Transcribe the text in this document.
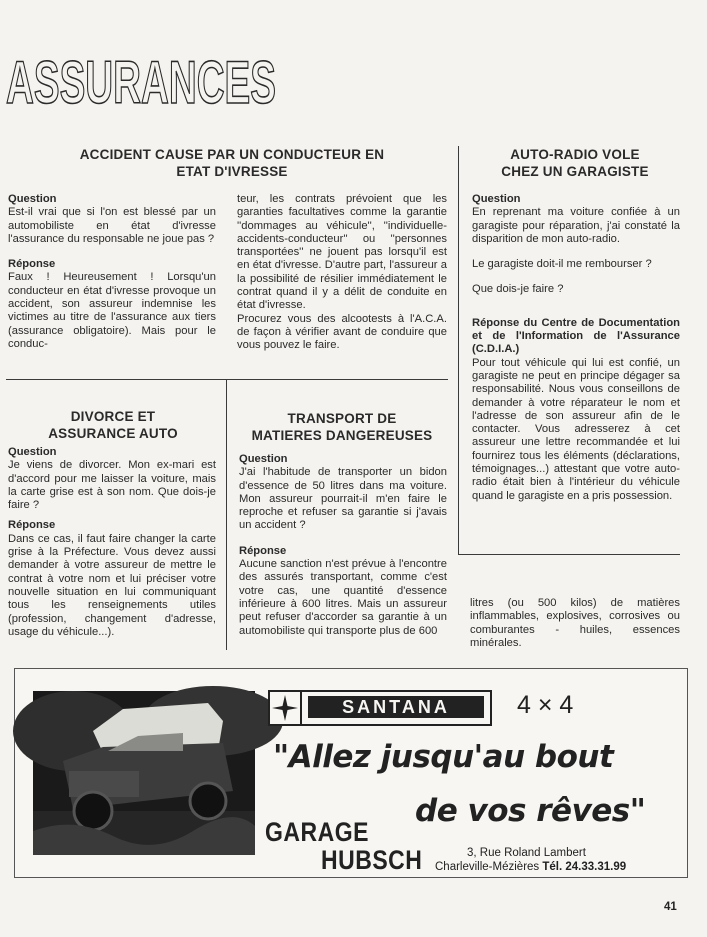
ASSURANCES

ACCIDENT CAUSE PAR UN CONDUCTEUR EN

ETAT D'IVRESSE

Question

Est-il vrai que si l'on est blessé par un automobiliste en état d'ivresse l'assurance du responsable ne joue pas ?

Réponse

Faux ! Heureusement ! Lorsqu'un conducteur en état d'ivresse provoque un accident, son assureur indemnise les victimes au titre de l'assurance aux tiers (assurance obligatoire). Mais pour le conduc-

teur, les contrats prévoient que les garanties facultatives comme la garantie ''dommages au véhicule'', ''individuelle-accidents-conducteur'' ou ''personnes transportées'' ne jouent pas lorsqu'il est en état d'ivresse. D'autre part, l'assureur a la possibilité de résilier immédiatement le contrat quand il y a délit de conduite en état d'ivresse.

Procurez vous des alcootests à l'A.C.A. de façon à vérifier avant de conduire que vous pouvez le faire.

AUTO-RADIO VOLE

CHEZ UN GARAGISTE

Question

En reprenant ma voiture confiée à un garagiste pour réparation, j'ai constaté la disparition de mon auto-radio.

Le garagiste doit-il me rembourser ?

Que dois-je faire ?

Réponse du Centre de Documentation et de l'Information de l'Assurance (C.D.I.A.)

Pour tout véhicule qui lui est confié, un garagiste ne peut en principe dégager sa responsabilité. Nous vous conseillons de demander à votre réparateur le nom et l'adresse de son assureur afin de le contacter. Vous adresserez à cet assureur une lettre recommandée et lui fournirez tous les éléments (déclarations, témoignages...) attestant que votre auto-radio était bien à l'intérieur du véhicule quand le garagiste en a pris possession.

DIVORCE ET

ASSURANCE AUTO

Question

Je viens de divorcer. Mon ex-mari est d'accord pour me laisser la voiture, mais la carte grise est à son nom. Que dois-je faire ?

Réponse

Dans ce cas, il faut faire changer la carte grise à la Préfecture. Vous devez aussi demander à votre assureur de mettre le contrat à votre nom et lui préciser votre nouvelle situation en lui communiquant tous les renseignements utiles (profession, changement d'adresse, usage du véhicule...).

TRANSPORT DE

MATIERES DANGEREUSES

Question

J'ai l'habitude de transporter un bidon d'essence de 50 litres dans ma voiture. Mon assureur pourrait-il m'en faire le reproche et refuser sa garantie si j'avais un accident ?

Réponse

Aucune sanction n'est prévue à l'encontre des assurés transportant, comme c'est votre cas, une quantité d'essence inférieure à 600 litres. Mais un assureur peut refuser d'accorder sa garantie à un automobiliste qui transporte plus de 600

litres (ou 500 kilos) de matières inflammables, explosives, corrosives ou comburantes - huiles, essences minérales.

SANTANA	4 × 4
"Allez jusqu'au bout
de vos rêves"
GARAGE
HUBSCH	3, Rue Roland Lambert
Charleville-Mézières Tél. 24.33.31.99
41
